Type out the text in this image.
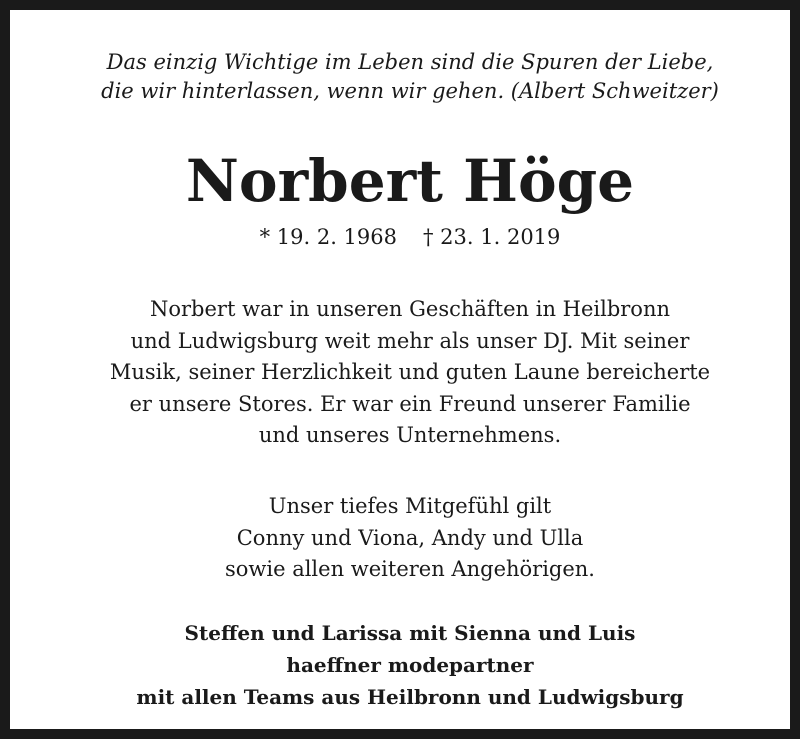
Das einzig Wichtige im Leben sind die Spuren der Liebe,
die wir hinterlassen, wenn wir gehen. (Albert Schweitzer)
Norbert Höge
* 19. 2. 1968 † 23. 1. 2019
Norbert war in unseren Geschäften in Heilbronn
und Ludwigsburg weit mehr als unser DJ. Mit seiner
Musik, seiner Herzlichkeit und guten Laune bereicherte
er unsere Stores. Er war ein Freund unserer Familie
und unseres Unternehmens.
Unser tiefes Mitgefühl gilt
Conny und Viona, Andy und Ulla
sowie allen weiteren Angehörigen.
Steffen und Larissa mit Sienna und Luis
haeffner modepartner
mit allen Teams aus Heilbronn und Ludwigsburg
